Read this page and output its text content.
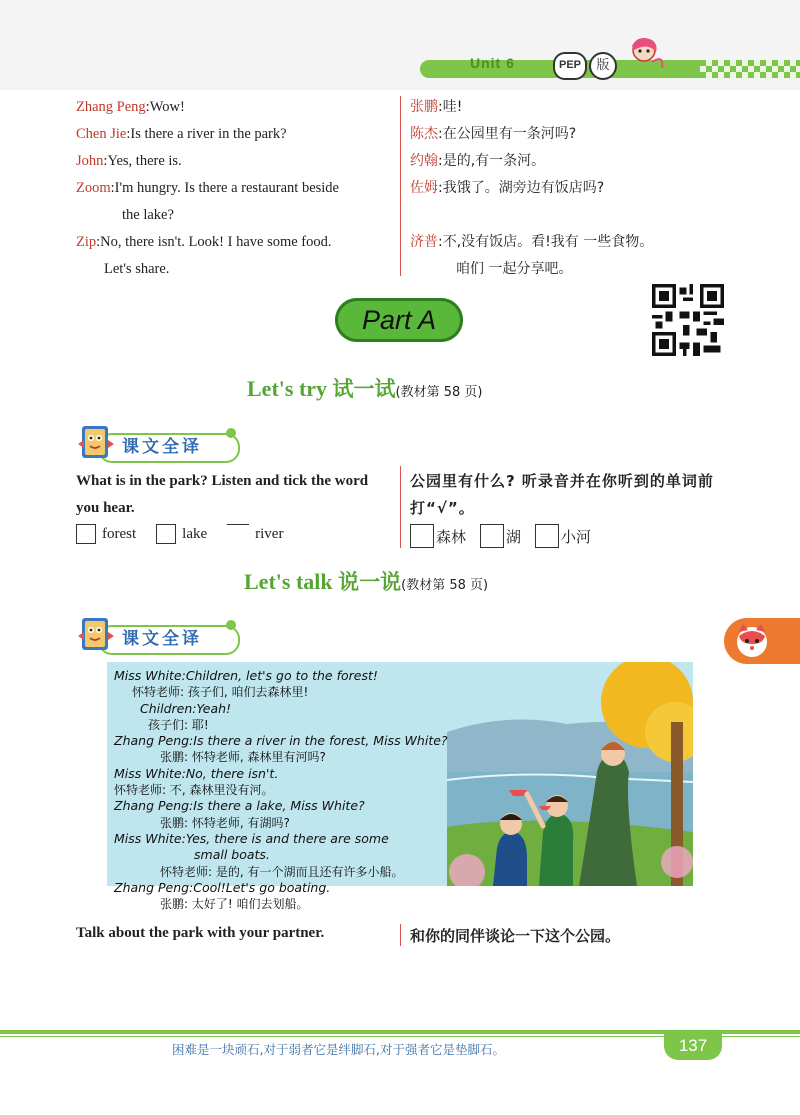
Unit 6	PEP	版
Zhang Peng:Wow!
Chen Jie:Is there a river in the park?
John:Yes, there is.
Zoom:I'm hungry. Is there a restaurant beside
the lake?
Zip:No, there isn't. Look! I have some food.
Let's share.
张鹏:哇!
陈杰:在公园里有一条河吗?
约翰:是的,有一条河。
佐姆:我饿了。湖旁边有饭店吗?

济普:不,没有饭店。看!我有 一些食物。
咱们 一起分享吧。
Part A
Let's try 试一试(教材第 58 页)
课文全译
What is in the park? Listen and tick the word you hear.
公园里有什么? 听录音并在你听到的单词前打“√”。
forest	lake	river	森林	湖	小河
Let's talk 说一说(教材第 58 页)
课文全译
Miss White:Children, let's go to the forest!
怀特老师: 孩子们, 咱们去森林里!
Children:Yeah!
孩子们: 耶!
Zhang Peng:Is there a river in the forest, Miss White?
张鹏: 怀特老师, 森林里有河吗?
Miss White:No, there isn't.
怀特老师: 不, 森林里没有河。
Zhang Peng:Is there a lake, Miss White?
张鹏: 怀特老师, 有湖吗?
Miss White:Yes, there is and there are some
small boats.
怀特老师: 是的, 有一个湖而且还有许多小船。
Zhang Peng:Cool!Let's go boating.
张鹏: 太好了! 咱们去划船。
Talk about the park with your partner.	和你的同伴谈论一下这个公园。
困难是一块顽石,对于弱者它是绊脚石,对于强者它是垫脚石。	137
